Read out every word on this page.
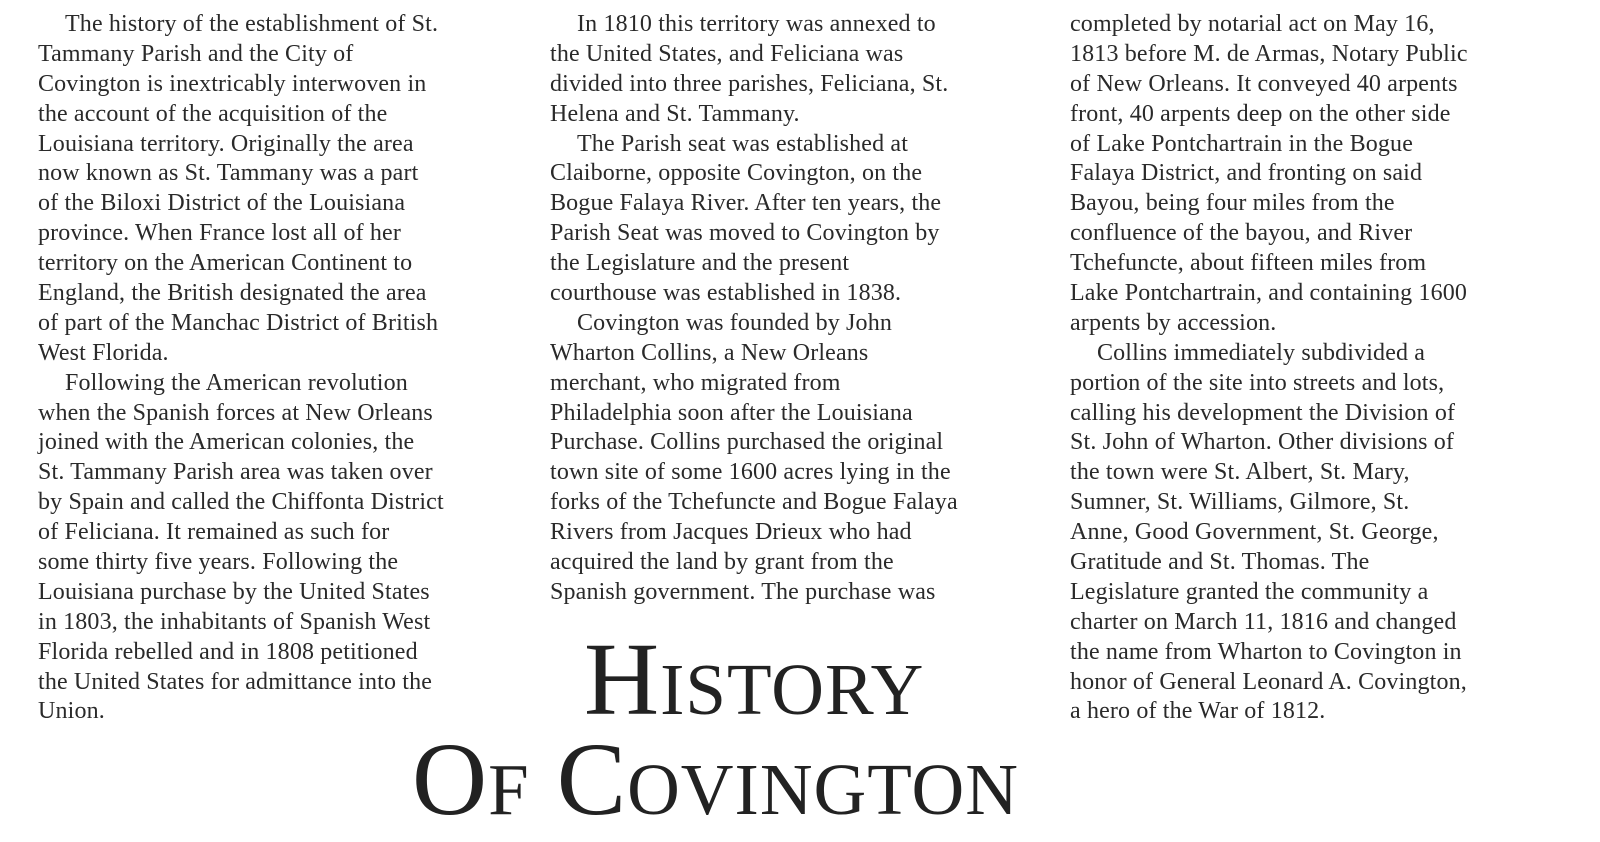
The history of the establishment of St.
Tammany Parish and the City of
Covington is inextricably interwoven in
the account of the acquisition of the
Louisiana territory. Originally the area
now known as St. Tammany was a part
of the Biloxi District of the Louisiana
province. When France lost all of her
territory on the American Continent to
England, the British designated the area
of part of the Manchac District of British
West Florida.
Following the American revolution
when the Spanish forces at New Orleans
joined with the American colonies, the
St. Tammany Parish area was taken over
by Spain and called the Chiffonta District
of Feliciana. It remained as such for
some thirty five years. Following the
Louisiana purchase by the United States
in 1803, the inhabitants of Spanish West
Florida rebelled and in 1808 petitioned
the United States for admittance into the
Union.
In 1810 this territory was annexed to
the United States, and Feliciana was
divided into three parishes, Feliciana, St.
Helena and St. Tammany.
The Parish seat was established at
Claiborne, opposite Covington, on the
Bogue Falaya River. After ten years, the
Parish Seat was moved to Covington by
the Legislature and the present
courthouse was established in 1838.
Covington was founded by John
Wharton Collins, a New Orleans
merchant, who migrated from
Philadelphia soon after the Louisiana
Purchase. Collins purchased the original
town site of some 1600 acres lying in the
forks of the Tchefuncte and Bogue Falaya
Rivers from Jacques Drieux who had
acquired the land by grant from the
Spanish government. The purchase was
completed by notarial act on May 16,
1813 before M. de Armas, Notary Public
of New Orleans. It conveyed 40 arpents
front, 40 arpents deep on the other side
of Lake Pontchartrain in the Bogue
Falaya District, and fronting on said
Bayou, being four miles from the
confluence of the bayou, and River
Tchefuncte, about fifteen miles from
Lake Pontchartrain, and containing 1600
arpents by accession.
Collins immediately subdivided a
portion of the site into streets and lots,
calling his development the Division of
St. John of Wharton. Other divisions of
the town were St. Albert, St. Mary,
Sumner, St. Williams, Gilmore, St.
Anne, Good Government, St. George,
Gratitude and St. Thomas. The
Legislature granted the community a
charter on March 11, 1816 and changed
the name from Wharton to Covington in
honor of General Leonard A. Covington,
a hero of the War of 1812.
History
Of Covington
